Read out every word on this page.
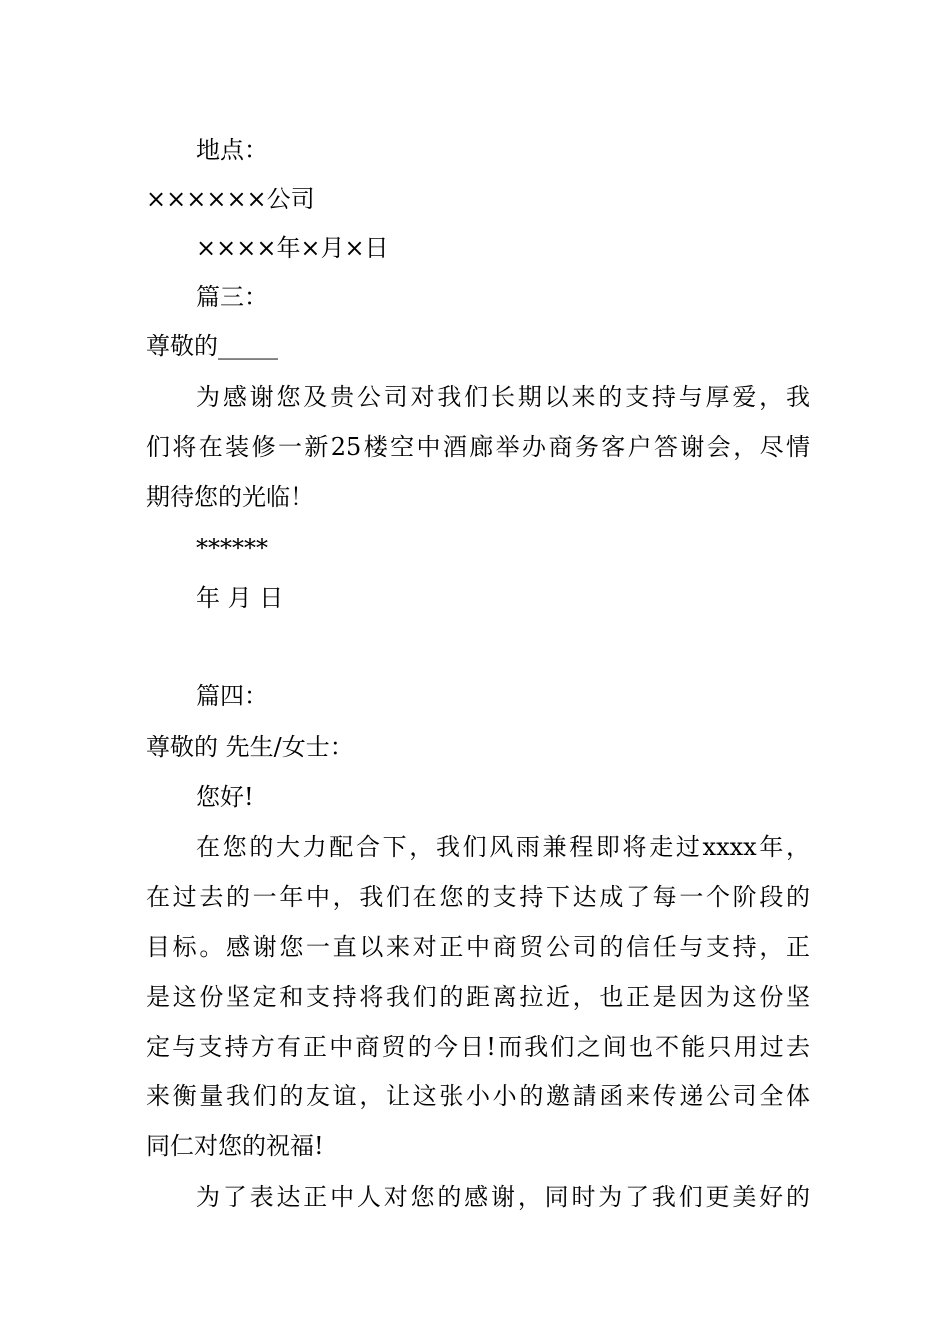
地点：
××××××公司
××××年×月×日
篇三：
尊敬的_____
为感谢您及贵公司对我们长期以来的支持与厚爱，我
们将在装修一新25楼空中酒廊举办商务客户答谢会，尽情
期待您的光临！
******
年 月 日
篇四：
尊敬的 先生/女士：
您好!
在您的大力配合下，我们风雨兼程即将走过xxxx年，
在过去的一年中，我们在您的支持下达成了每一个阶段的
目标。感谢您一直以来对正中商贸公司的信任与支持，正
是这份坚定和支持将我们的距离拉近，也正是因为这份坚
定与支持方有正中商贸的今日!而我们之间也不能只用过去
来衡量我们的友谊，让这张小小的邀請函来传递公司全体
同仁对您的祝福!
为了表达正中人对您的感谢，同时为了我们更美好的
